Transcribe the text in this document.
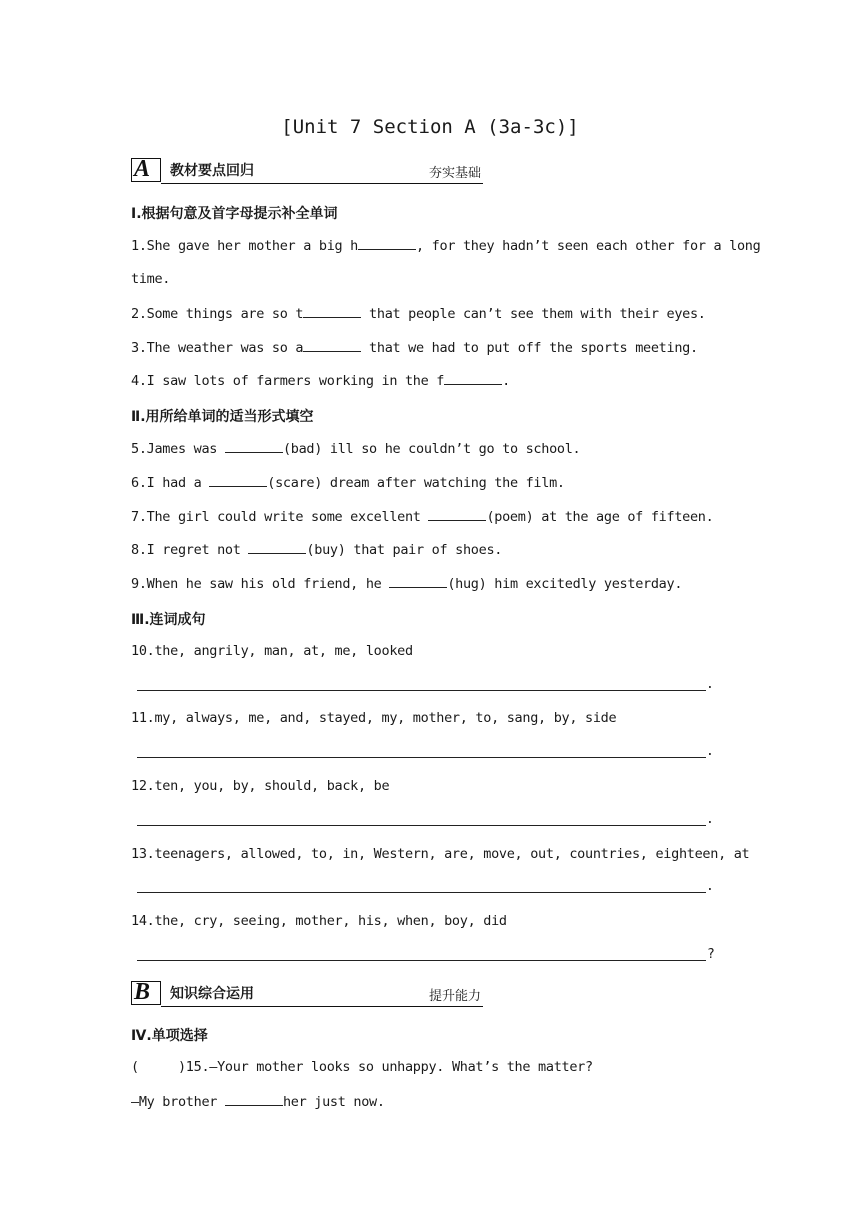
[Unit 7 Section A (3a-3c)]
A 教材要点回归	夯实基础
Ⅰ.根据句意及首字母提示补全单词
1.She gave her mother a big h	, for they hadn’t seen each other for a long
time.
2.Some things are so t	that people can’t see them with their eyes.
3.The weather was so a	that we had to put off the sports meeting.
4.I saw lots of farmers working in the f	.
Ⅱ.用所给单词的适当形式填空
5.James was	(bad) ill so he couldn’t go to school.
6.I had a	(scare) dream after watching the film.
7.The girl could write some excellent	(poem) at the age of fifteen.
8.I regret not	(buy) that pair of shoes.
9.When he saw his old friend, he	(hug) him excitedly yesterday.
Ⅲ.连词成句
10.the, angrily, man, at, me, looked
.
11.my, always, me, and, stayed, my, mother, to, sang, by, side
.
12.ten, you, by, should, back, be
.
13.teenagers, allowed, to, in, Western, are, move, out, countries, eighteen, at
.
14.the, cry, seeing, mother, his, when, boy, did
?
B 知识综合运用	提升能力
Ⅳ.单项选择
(     )15.—Your mother looks so unhappy. What’s the matter?
—My brother	her just now.
